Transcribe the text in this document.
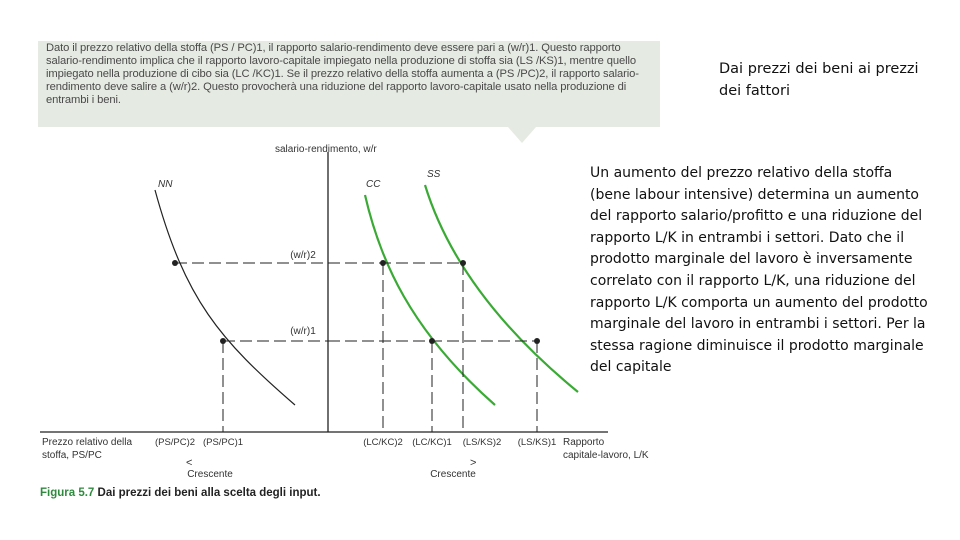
Dato il prezzo relativo della stoffa (PS / PC)1, il rapporto salario-rendimento deve essere pari a (w/r)1. Questo rapporto salario-rendimento implica che il rapporto lavoro-capitale impiegato nella produzione di stoffa sia (LS /KS)1, mentre quello impiegato nella produzione di cibo sia (LC /KC)1. Se il prezzo relativo della stoffa aumenta a (PS /PC)2, il rapporto salario-rendimento deve salire a (w/r)2. Questo provocherà una riduzione del rapporto lavoro-capitale usato nella produzione di entrambi i beni.
Dai prezzi dei beni ai prezzi dei fattori
Un aumento del prezzo relativo della stoffa (bene labour intensive) determina un aumento del rapporto salario/profitto e una riduzione del rapporto L/K in entrambi i settori. Dato che il prodotto marginale del lavoro è inversamente correlato con il rapporto L/K, una riduzione del rapporto L/K comporta un aumento del prodotto marginale del lavoro in entrambi i settori. Per la stessa ragione diminuisce il prodotto marginale del capitale
salario-rendimento, w/r
NN	CC
SS
(w/r)2
(w/r)1
Prezzo relativo della
stoffa, PS/PC
(PS/PC)2 (PS/PC)1
<
Crescente
(LC/KC)2 (LC/KC)1 (LS/KS)2 (LS/KS)1 Rapporto
capitale-lavoro, L/K
>
Crescente
Figura 5.7 Dai prezzi dei beni alla scelta degli input.
